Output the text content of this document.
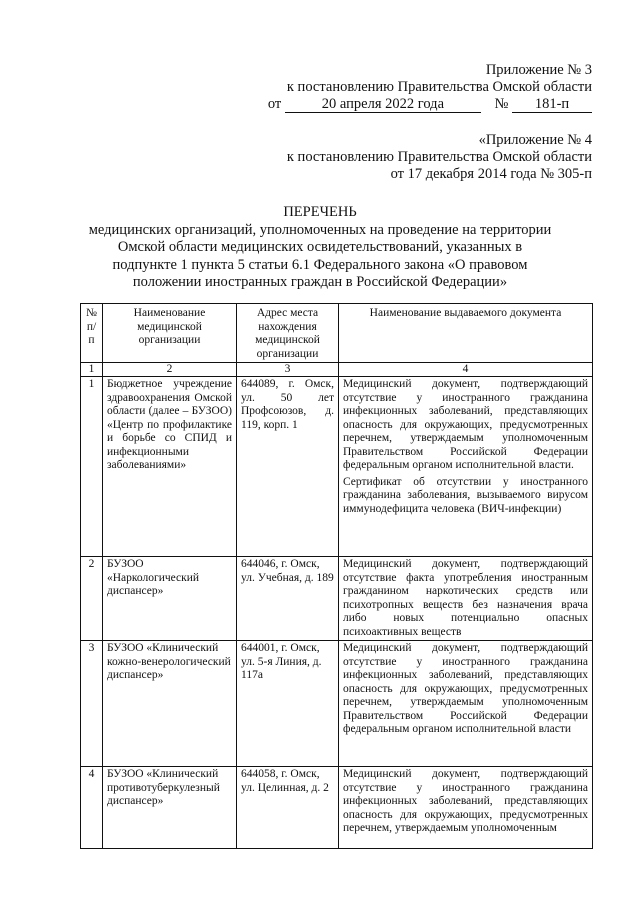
Приложение № 3
к постановлению Правительства Омской области
от	20 апреля 2022 года	№ 181-п
«Приложение № 4
к постановлению Правительства Омской области
от 17 декабря 2014 года № 305-п
ПЕРЕЧЕНЬ
медицинских организаций, уполномоченных на проведение на территории
Омской области медицинских освидетельствований, указанных в
подпункте 1 пункта 5 статьи 6.1 Федерального закона «О правовом
положении иностранных граждан в Российской Федерации»
№ п/п	Наименование медицинской организации	Адрес места нахождения медицинской организации	Наименование выдаваемого документа
1	2	3	4
1	Бюджетное учреждение здравоохранения Омской области (далее – БУЗОО) «Центр по профилактике и борьбе со СПИД и инфекционными заболеваниями»	644089, г. Омск, ул. 50 лет Профсоюзов, д. 119, корп. 1	Медицинский документ, подтверждающий отсутствие у иностранного гражданина инфекционных заболеваний, представляющих опасность для окружающих, предусмотренных перечнем, утверждаемым уполномоченным Правительством Российской Федерации федеральным органом исполнительной власти.
Сертификат об отсутствии у иностранного гражданина заболевания, вызываемого вирусом иммунодефицита человека (ВИЧ-инфекции)

2	БУЗОО «Наркологический диспансер»	644046, г. Омск, ул. Учебная, д. 189	Медицинский документ, подтверждающий отсутствие факта употребления иностранным гражданином наркотических средств или психотропных веществ без назначения врача либо новых потенциально опасных психоактивных веществ
3	БУЗОО «Клинический кожно-венерологический диспансер»	644001, г. Омск, ул. 5-я Линия, д. 117а	Медицинский документ, подтверждающий отсутствие у иностранного гражданина инфекционных заболеваний, представляющих опасность для окружающих, предусмотренных перечнем, утверждаемым уполномоченным Правительством Российской Федерации федеральным органом исполнительной власти
4	БУЗОО «Клинический противотуберкулезный диспансер»	644058, г. Омск, ул. Целинная, д. 2	Медицинский документ, подтверждающий отсутствие у иностранного гражданина инфекционных заболеваний, представляющих опасность для окружающих, предусмотренных перечнем, утверждаемым уполномоченным
